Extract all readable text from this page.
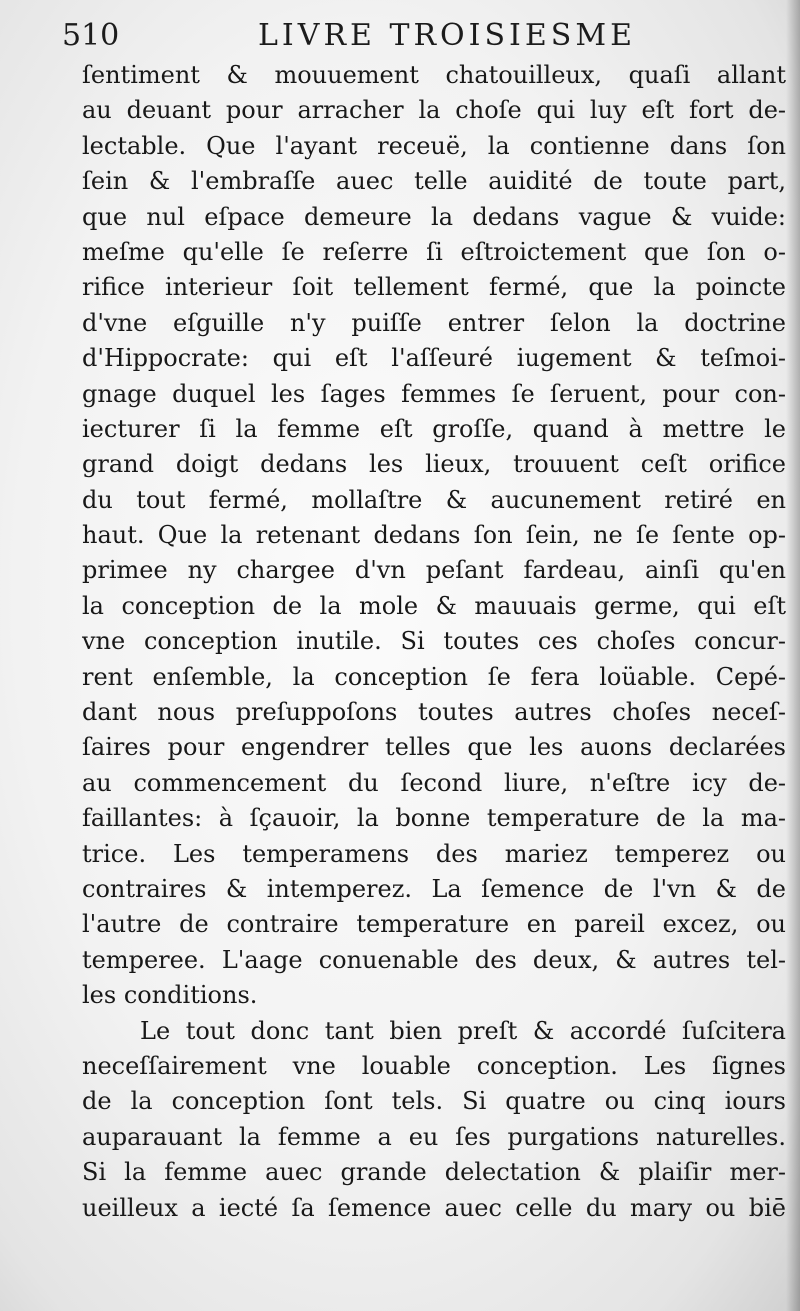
510	LIVRE TROISIESME
ſentiment & mouuement chatouilleux, quaſi allant
au deuant pour arracher la choſe qui luy eſt fort de-
lectable. Que l'ayant receuë, la contienne dans ſon
ſein & l'embraſſe auec telle auidité de toute part,
que nul eſpace demeure la dedans vague & vuide:
meſme qu'elle ſe reſerre ſi eſtroictement que ſon o-
rifice interieur ſoit tellement fermé, que la poincte
d'vne eſguille n'y puiſſe entrer ſelon la doctrine
d'Hippocrate: qui eſt l'aſſeuré iugement & teſmoi-
gnage duquel les ſages femmes ſe ſeruent, pour con-
iecturer ſi la femme eſt groſſe, quand à mettre le
grand doigt dedans les lieux, trouuent ceſt orifice
du tout fermé, mollaſtre & aucunement retiré en
haut. Que la retenant dedans ſon ſein, ne ſe ſente op-
primee ny chargee d'vn peſant fardeau, ainſi qu'en
la conception de la mole & mauuais germe, qui eſt
vne conception inutile. Si toutes ces choſes concur-
rent enſemble, la conception ſe fera loüable. Cepé-
dant nous preſuppoſons toutes autres choſes neceſ-
ſaires pour engendrer telles que les auons declarées
au commencement du ſecond liure, n'eſtre icy de-
faillantes: à ſçauoir, la bonne temperature de la ma-
trice. Les temperamens des mariez temperez ou
contraires & intemperez. La ſemence de l'vn & de
l'autre de contraire temperature en pareil excez, ou
temperee. L'aage conuenable des deux, & autres tel-
les conditions.
Le tout donc tant bien preſt & accordé ſuſcitera
neceſſairement vne louable conception. Les ſignes
de la conception ſont tels. Si quatre ou cinq iours
auparauant la femme a eu ſes purgations naturelles.
Si la femme auec grande delectation & plaiſir mer-
ueilleux a iecté ſa ſemence auec celle du mary ou biē
